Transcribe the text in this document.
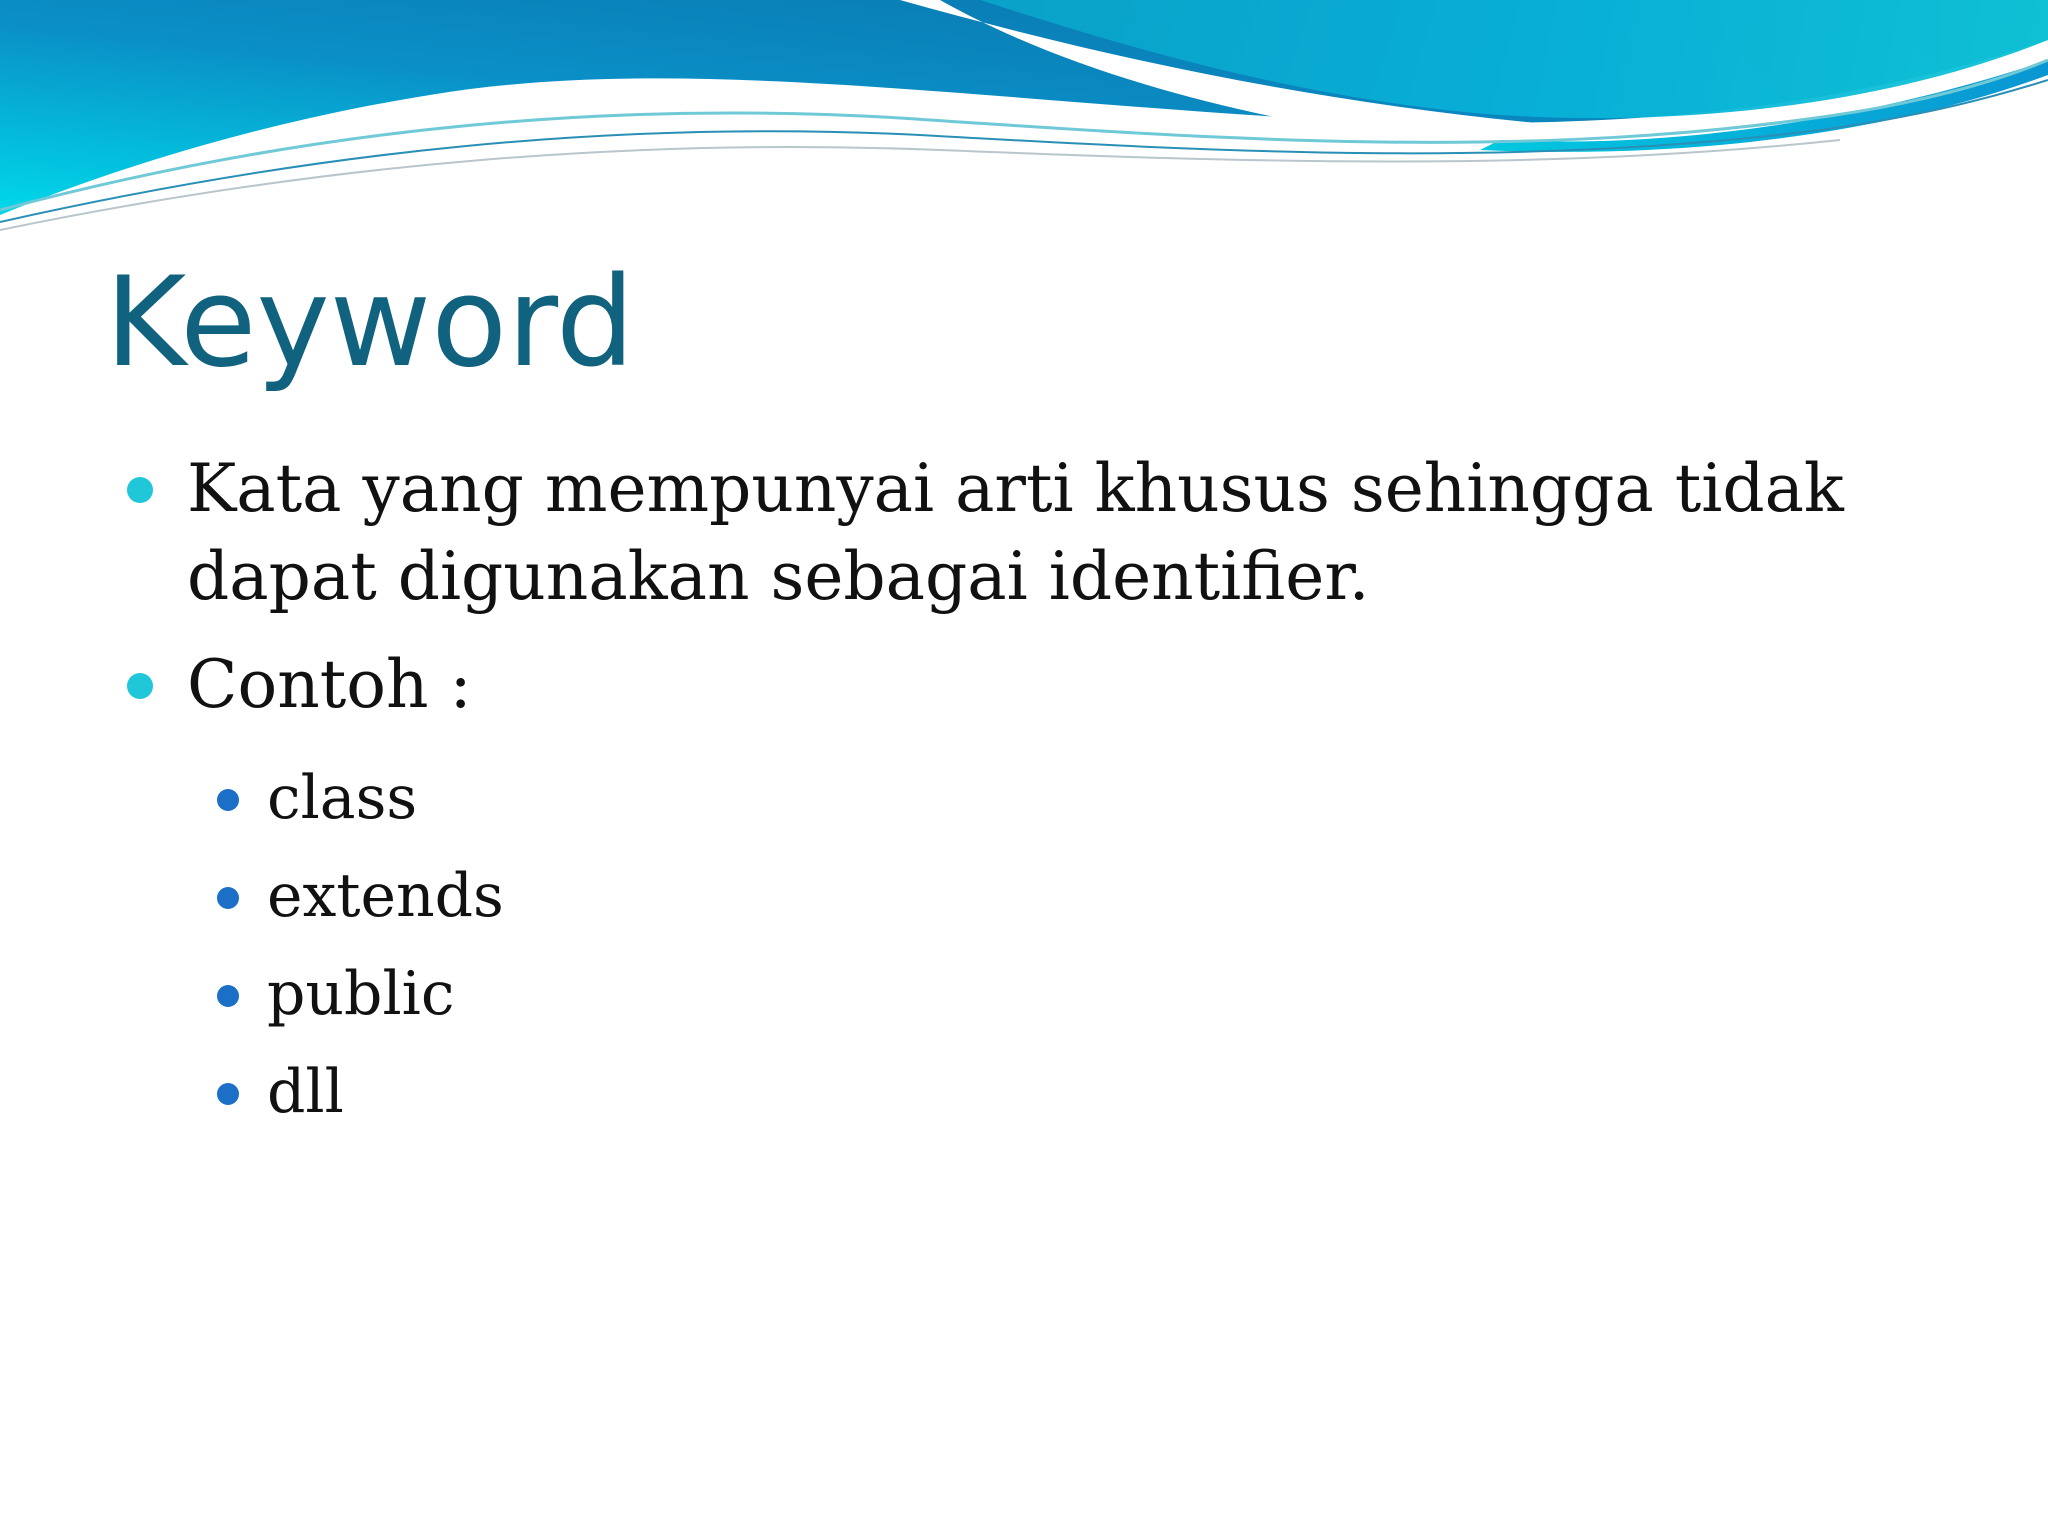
Keyword
Kata yang mempunyai arti khusus sehingga tidak dapat digunakan sebagai identifier.
Contoh :
class
extends
public
dll
